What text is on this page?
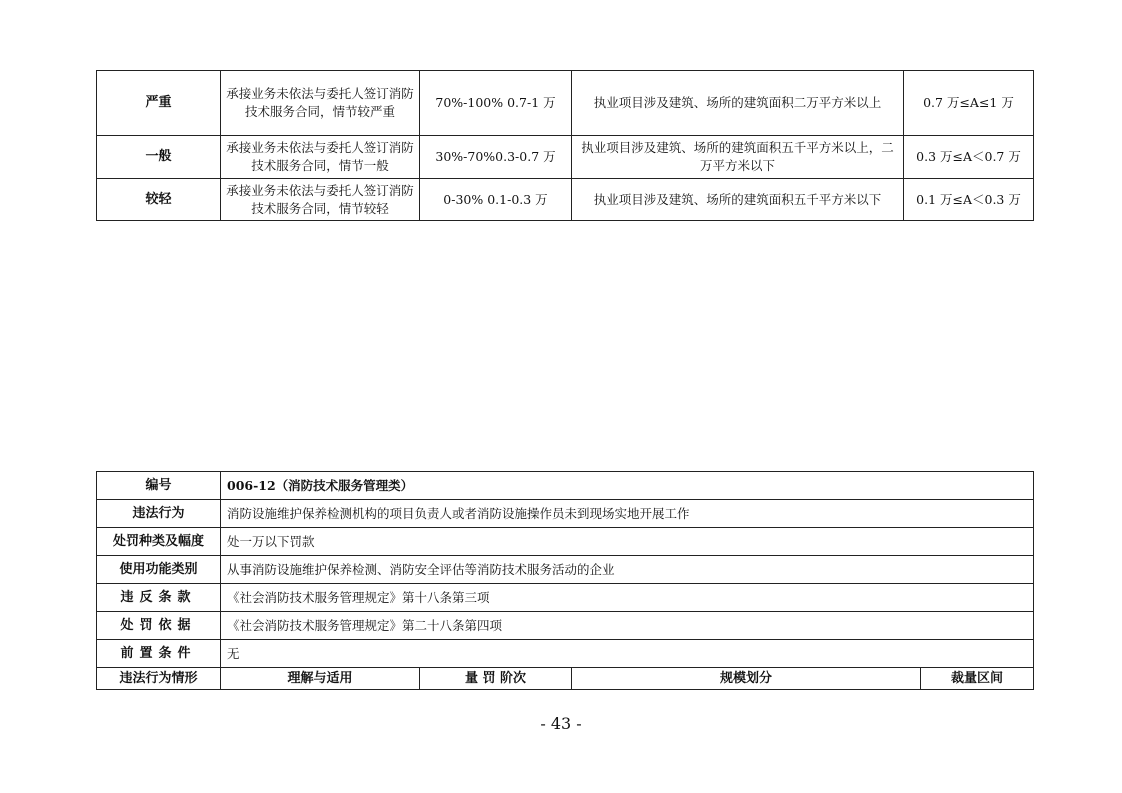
严重	承接业务未依法与委托人签订消防技术服务合同，情节较严重	70%-100% 0.7-1 万	执业项目涉及建筑、场所的建筑面积二万平方米以上	0.7 万≤A≤1 万
一般	承接业务未依法与委托人签订消防技术服务合同，情节一般	30%-70%0.3-0.7 万	执业项目涉及建筑、场所的建筑面积五千平方米以上，二万平方米以下	0.3 万≤A＜0.7 万
较轻	承接业务未依法与委托人签订消防技术服务合同，情节较轻	0-30% 0.1-0.3 万	执业项目涉及建筑、场所的建筑面积五千平方米以下	0.1 万≤A＜0.3 万
编号	006-12（消防技术服务管理类）			
违法行为	消防设施维护保养检测机构的项目负责人或者消防设施操作员未到现场实地开展工作			
处罚种类及幅度	处一万以下罚款			
使用功能类别	从事消防设施维护保养检测、消防安全评估等消防技术服务活动的企业			
违反条款	《社会消防技术服务管理规定》第十八条第三项			
处罚依据	《社会消防技术服务管理规定》第二十八条第四项			
前置条件	无			
违法行为情形	理解与适用	量 罚 阶次	规模划分	裁量区间
- 43 -
